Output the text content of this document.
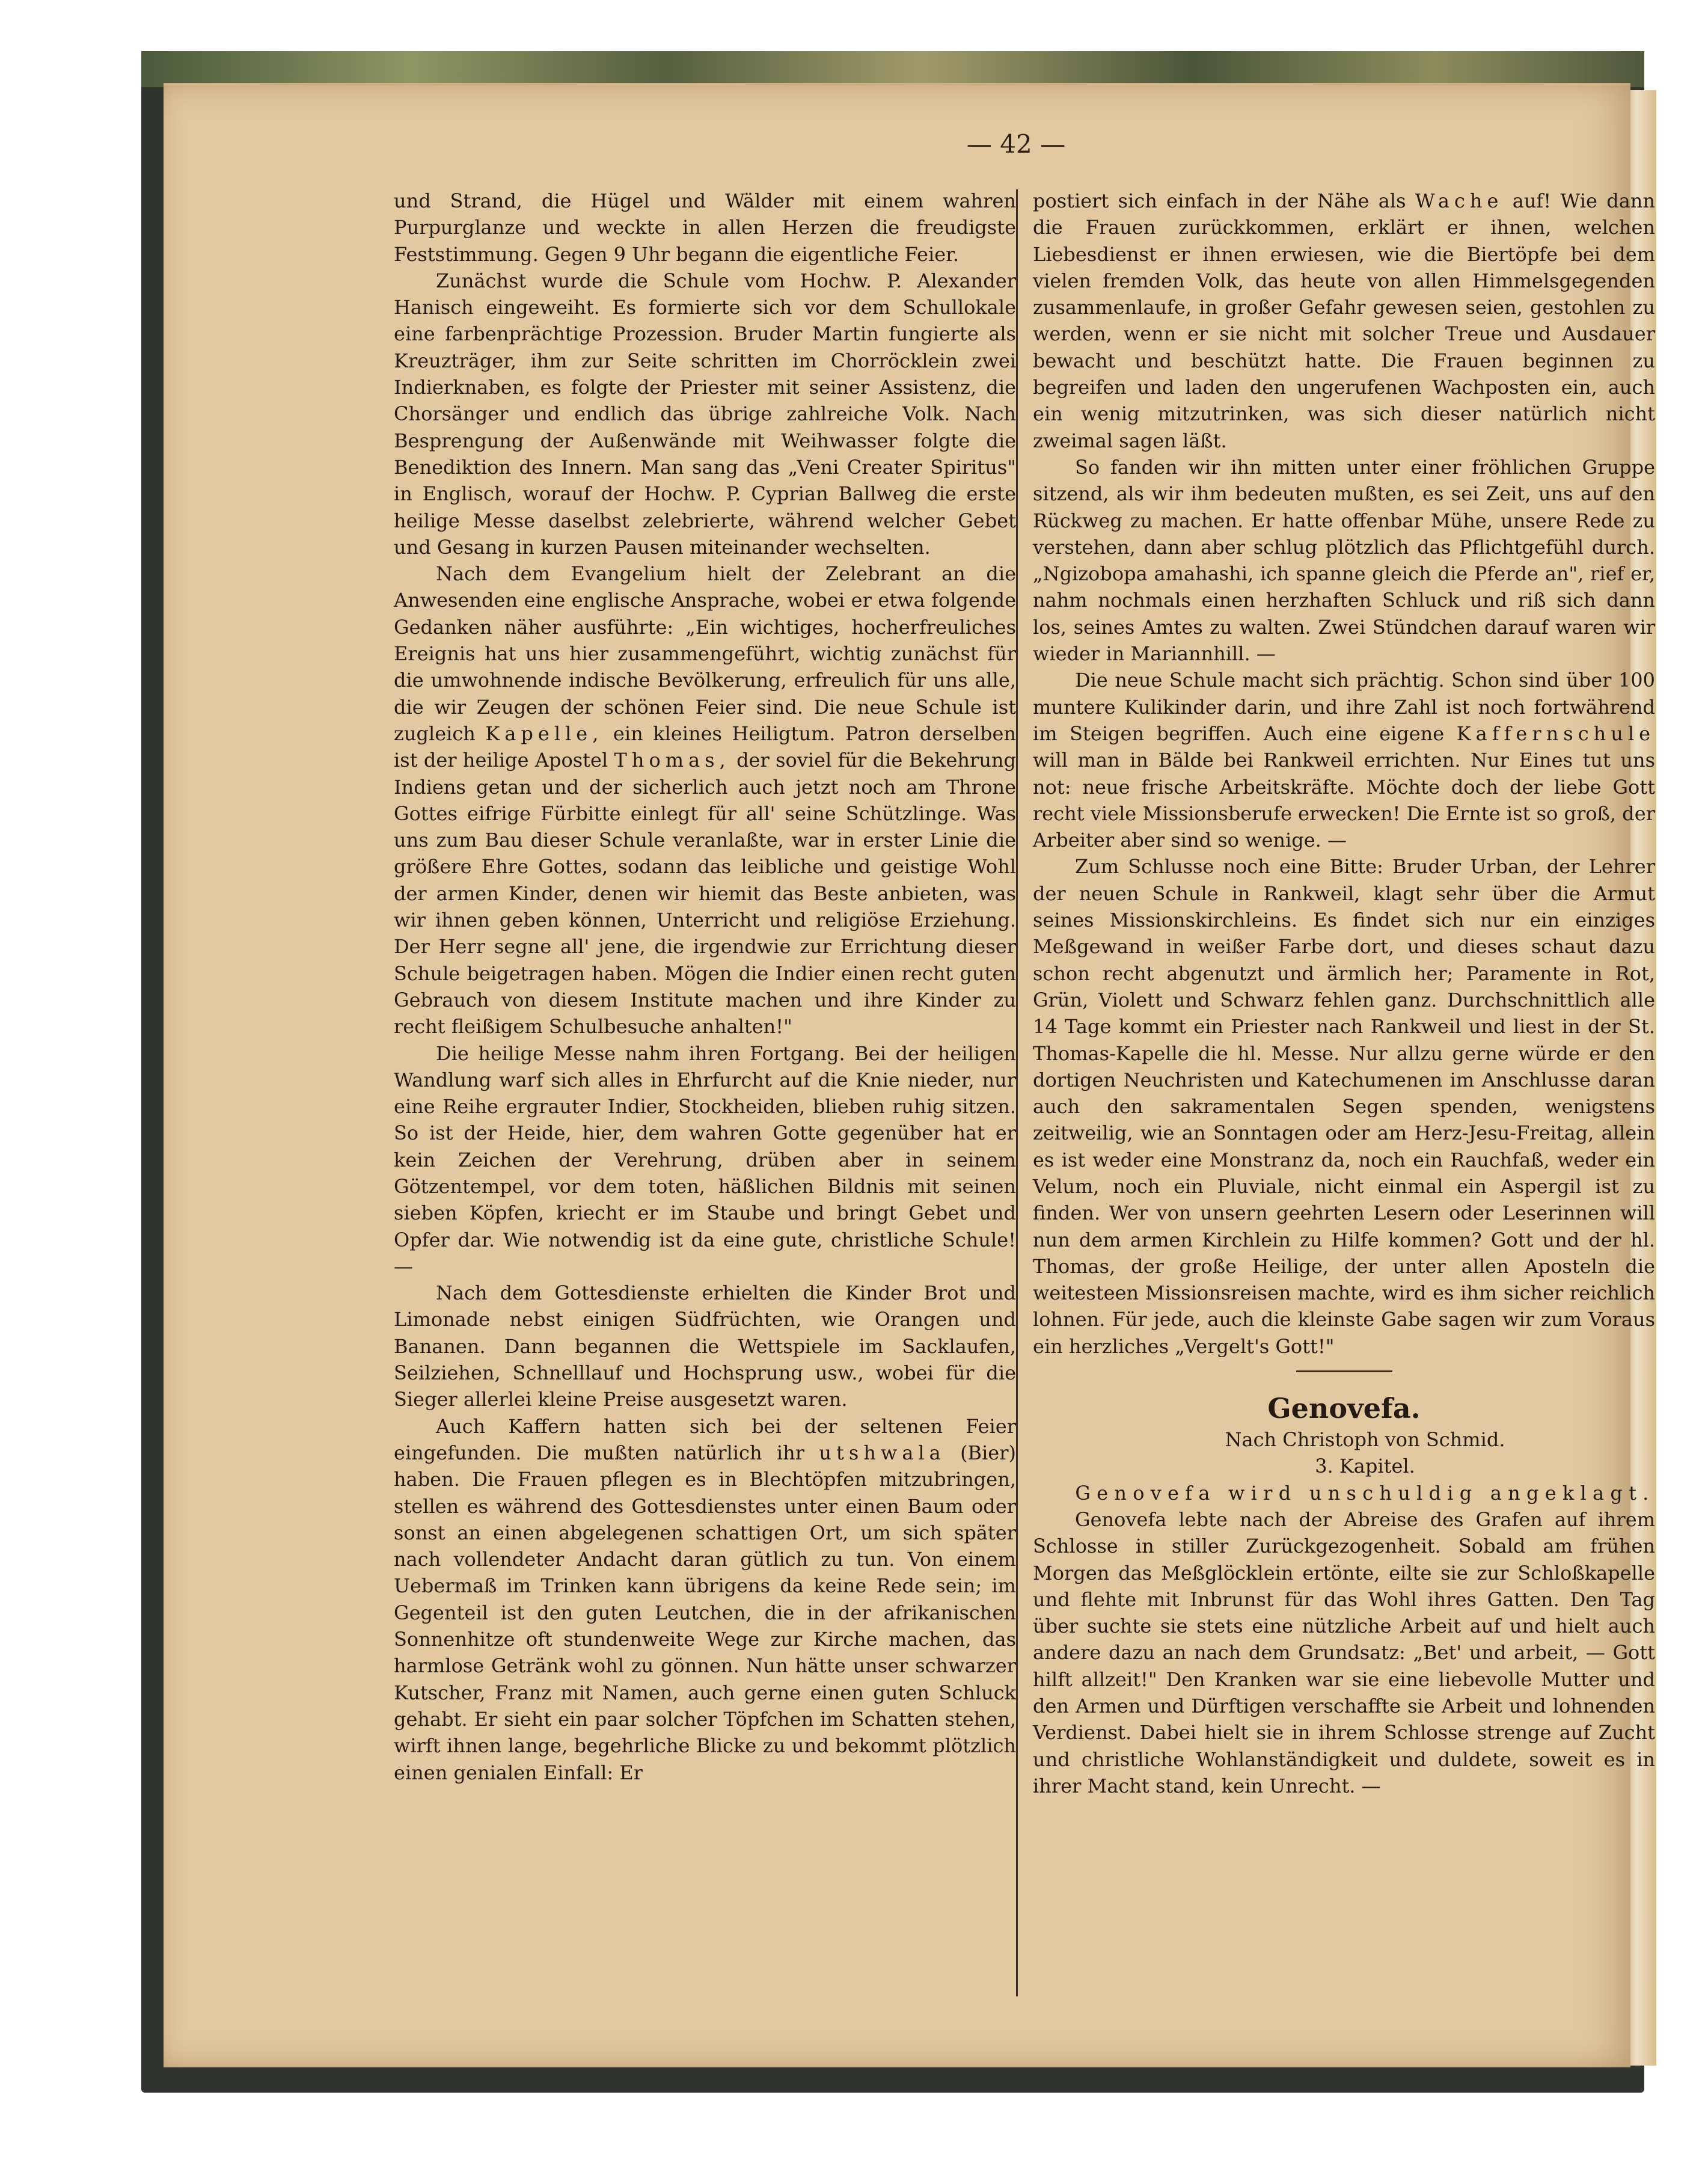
— 42 —

und Strand, die Hügel und Wälder mit einem wahren Purpurglanze und weckte in allen Herzen die freudigste Feststimmung. Gegen 9 Uhr begann die eigentliche Feier.

Zunächst wurde die Schule vom Hochw. P. Alexander Hanisch eingeweiht. Es formierte sich vor dem Schullokale eine farbenprächtige Prozession. Bruder Martin fungierte als Kreuzträger, ihm zur Seite schritten im Chorröcklein zwei Indierknaben, es folgte der Priester mit seiner Assistenz, die Chorsänger und endlich das übrige zahlreiche Volk. Nach Besprengung der Außenwände mit Weihwasser folgte die Benediktion des Innern. Man sang das „Veni Creater Spiritus" in Englisch, worauf der Hochw. P. Cyprian Ballweg die erste heilige Messe daselbst zelebrierte, während welcher Gebet und Gesang in kurzen Pausen miteinander wechselten.

Nach dem Evangelium hielt der Zelebrant an die Anwesenden eine englische Ansprache, wobei er etwa folgende Gedanken näher ausführte: „Ein wichtiges, hocherfreuliches Ereignis hat uns hier zusammengeführt, wichtig zunächst für die umwohnende indische Bevölkerung, erfreulich für uns alle, die wir Zeugen der schönen Feier sind. Die neue Schule ist zugleich Kapelle, ein kleines Heiligtum. Patron derselben ist der heilige Apostel Thomas, der soviel für die Bekehrung Indiens getan und der sicherlich auch jetzt noch am Throne Gottes eifrige Fürbitte einlegt für all' seine Schützlinge. Was uns zum Bau dieser Schule veranlaßte, war in erster Linie die größere Ehre Gottes, sodann das leibliche und geistige Wohl der armen Kinder, denen wir hiemit das Beste anbieten, was wir ihnen geben können, Unterricht und religiöse Erziehung. Der Herr segne all' jene, die irgendwie zur Errichtung dieser Schule beigetragen haben. Mögen die Indier einen recht guten Gebrauch von diesem Institute machen und ihre Kinder zu recht fleißigem Schulbesuche anhalten!"

Die heilige Messe nahm ihren Fortgang. Bei der heiligen Wandlung warf sich alles in Ehrfurcht auf die Knie nieder, nur eine Reihe ergrauter Indier, Stockheiden, blieben ruhig sitzen. So ist der Heide, hier, dem wahren Gotte gegenüber hat er kein Zeichen der Verehrung, drüben aber in seinem Götzentempel, vor dem toten, häßlichen Bildnis mit seinen sieben Köpfen, kriecht er im Staube und bringt Gebet und Opfer dar. Wie notwendig ist da eine gute, christliche Schule! —

Nach dem Gottesdienste erhielten die Kinder Brot und Limonade nebst einigen Südfrüchten, wie Orangen und Bananen. Dann begannen die Wettspiele im Sacklaufen, Seilziehen, Schnelllauf und Hochsprung usw., wobei für die Sieger allerlei kleine Preise ausgesetzt waren.

Auch Kaffern hatten sich bei der seltenen Feier eingefunden. Die mußten natürlich ihr utshwala (Bier) haben. Die Frauen pflegen es in Blechtöpfen mitzubringen, stellen es während des Gottesdienstes unter einen Baum oder sonst an einen abgelegenen schattigen Ort, um sich später nach vollendeter Andacht daran gütlich zu tun. Von einem Uebermaß im Trinken kann übrigens da keine Rede sein; im Gegenteil ist den guten Leutchen, die in der afrikanischen Sonnenhitze oft stundenweite Wege zur Kirche machen, das harmlose Getränk wohl zu gönnen. Nun hätte unser schwarzer Kutscher, Franz mit Namen, auch gerne einen guten Schluck gehabt. Er sieht ein paar solcher Töpfchen im Schatten stehen, wirft ihnen lange, begehrliche Blicke zu und bekommt plötzlich einen genialen Einfall: Er

postiert sich einfach in der Nähe als Wache auf! Wie dann die Frauen zurückkommen, erklärt er ihnen, welchen Liebesdienst er ihnen erwiesen, wie die Biertöpfe bei dem vielen fremden Volk, das heute von allen Himmelsgegenden zusammenlaufe, in großer Gefahr gewesen seien, gestohlen zu werden, wenn er sie nicht mit solcher Treue und Ausdauer bewacht und beschützt hatte. Die Frauen beginnen zu begreifen und laden den ungerufenen Wachposten ein, auch ein wenig mitzutrinken, was sich dieser natürlich nicht zweimal sagen läßt.

So fanden wir ihn mitten unter einer fröhlichen Gruppe sitzend, als wir ihm bedeuten mußten, es sei Zeit, uns auf den Rückweg zu machen. Er hatte offenbar Mühe, unsere Rede zu verstehen, dann aber schlug plötzlich das Pflichtgefühl durch. „Ngizobopa amahashi, ich spanne gleich die Pferde an", rief er, nahm nochmals einen herzhaften Schluck und riß sich dann los, seines Amtes zu walten. Zwei Stündchen darauf waren wir wieder in Mariannhill. —

Die neue Schule macht sich prächtig. Schon sind über 100 muntere Kulikinder darin, und ihre Zahl ist noch fortwährend im Steigen begriffen. Auch eine eigene Kaffernschule will man in Bälde bei Rankweil errichten. Nur Eines tut uns not: neue frische Arbeitskräfte. Möchte doch der liebe Gott recht viele Missionsberufe erwecken! Die Ernte ist so groß, der Arbeiter aber sind so wenige. —

Zum Schlusse noch eine Bitte: Bruder Urban, der Lehrer der neuen Schule in Rankweil, klagt sehr über die Armut seines Missionskirchleins. Es findet sich nur ein einziges Meßgewand in weißer Farbe dort, und dieses schaut dazu schon recht abgenutzt und ärmlich her; Paramente in Rot, Grün, Violett und Schwarz fehlen ganz. Durchschnittlich alle 14 Tage kommt ein Priester nach Rankweil und liest in der St. Thomas-Kapelle die hl. Messe. Nur allzu gerne würde er den dortigen Neuchristen und Katechumenen im Anschlusse daran auch den sakramentalen Segen spenden, wenigstens zeitweilig, wie an Sonntagen oder am Herz-Jesu-Freitag, allein es ist weder eine Monstranz da, noch ein Rauchfaß, weder ein Velum, noch ein Pluviale, nicht einmal ein Aspergil ist zu finden. Wer von unsern geehrten Lesern oder Leserinnen will nun dem armen Kirchlein zu Hilfe kommen? Gott und der hl. Thomas, der große Heilige, der unter allen Aposteln die weitesteen Missionsreisen machte, wird es ihm sicher reichlich lohnen. Für jede, auch die kleinste Gabe sagen wir zum Voraus ein herzliches „Vergelt's Gott!"

Genovefa.

Nach Christoph von Schmid.

3. Kapitel.

Genovefa wird unschuldig angeklagt.

Genovefa lebte nach der Abreise des Grafen auf ihrem Schlosse in stiller Zurückgezogenheit. Sobald am frühen Morgen das Meßglöcklein ertönte, eilte sie zur Schloßkapelle und flehte mit Inbrunst für das Wohl ihres Gatten. Den Tag über suchte sie stets eine nützliche Arbeit auf und hielt auch andere dazu an nach dem Grundsatz: „Bet' und arbeit, — Gott hilft allzeit!" Den Kranken war sie eine liebevolle Mutter und den Armen und Dürftigen verschaffte sie Arbeit und lohnenden Verdienst. Dabei hielt sie in ihrem Schlosse strenge auf Zucht und christliche Wohlanständigkeit und duldete, soweit es in ihrer Macht stand, kein Unrecht. —
